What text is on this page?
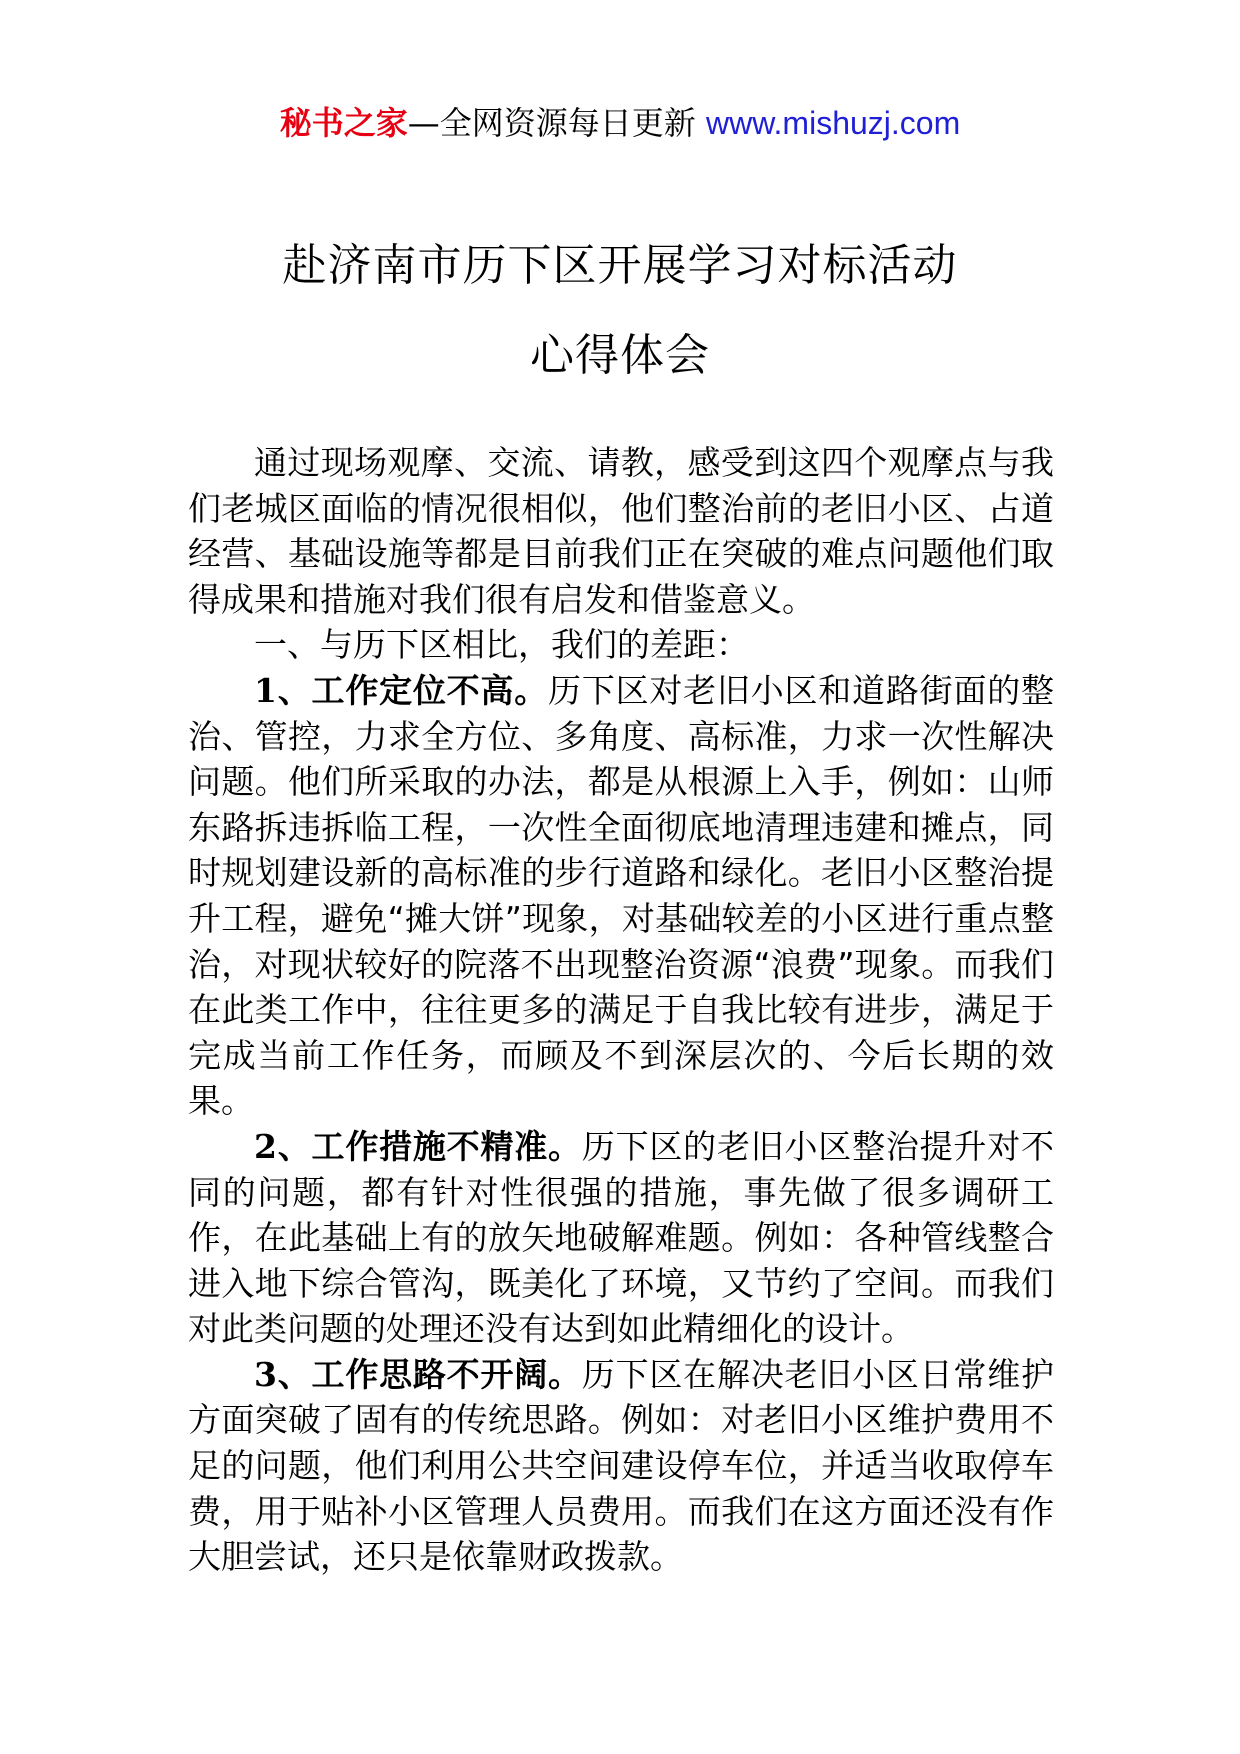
秘书之家—全网资源每日更新 www.mishuzj.com
赴济南市历下区开展学习对标活动
心得体会

通过现场观摩、交流、请教，感受到这四个观摩点与我们老城区面临的情况很相似，他们整治前的老旧小区、占道经营、基础设施等都是目前我们正在突破的难点问题他们取得成果和措施对我们很有启发和借鉴意义。

一、与历下区相比，我们的差距：

1、工作定位不高。历下区对老旧小区和道路街面的整治、管控，力求全方位、多角度、高标准，力求一次性解决问题。他们所采取的办法，都是从根源上入手，例如：山师东路拆违拆临工程，一次性全面彻底地清理违建和摊点，同时规划建设新的高标准的步行道路和绿化。老旧小区整治提升工程，避免“摊大饼”现象，对基础较差的小区进行重点整治，对现状较好的院落不出现整治资源“浪费”现象。而我们在此类工作中，往往更多的满足于自我比较有进步，满足于完成当前工作任务，而顾及不到深层次的、今后长期的效果。

2、工作措施不精准。历下区的老旧小区整治提升对不同的问题，都有针对性很强的措施，事先做了很多调研工作，在此基础上有的放矢地破解难题。例如：各种管线整合进入地下综合管沟，既美化了环境，又节约了空间。而我们对此类问题的处理还没有达到如此精细化的设计。

3、工作思路不开阔。历下区在解决老旧小区日常维护方面突破了固有的传统思路。例如：对老旧小区维护费用不足的问题，他们利用公共空间建设停车位，并适当收取停车费，用于贴补小区管理人员费用。而我们在这方面还没有作大胆尝试，还只是依靠财政拨款。
